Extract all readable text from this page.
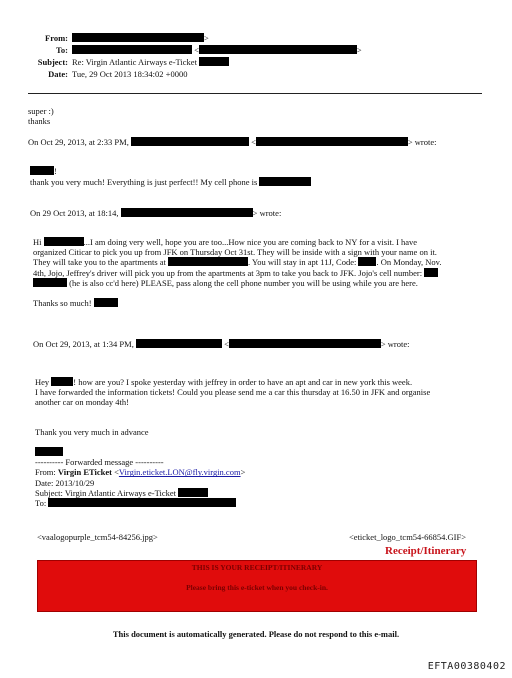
From:	>
To:	<	>
Subject: Re: Virgin Atlantic Airways e-Ticket
Date: Tue, 29 Oct 2013 18:34:02 +0000
super :)
thanks
On Oct 29, 2013, at 2:33 PM,	<	> wrote:
!
thank you very much! Everything is just perfect!! My cell phone is
On 29 Oct 2013, at 18:14,	> wrote:
Hi	...I am doing very well, hope you are too...How nice you are coming back to NY for a visit. I have
organized Citicar to pick you up from JFK on Thursday Oct 31st. They will be inside with a sign with your name on it.
They will take you to the apartments at	. You will stay in apt 11J, Code: . On Monday, Nov.
4th, Jojo, Jeffrey's driver will pick you up from the apartments at 3pm to take you back to JFK. Jojo's cell number:
(he is also cc'd here) PLEASE, pass along the cell phone number you will be using while you are here.
Thanks so much!
On Oct 29, 2013, at 1:34 PM,	<	> wrote:
Hey	! how are you? I spoke yesterday with jeffrey in order to have an apt and car in new york this week.
I have forwarded the information tickets! Could you please send me a car this thursday at 16.50 in JFK and organise
another car on monday 4th!
Thank you very much in advance
---------- Forwarded message ----------
From: Virgin ETicket <Virgin.eticket.LON@fly.virgin.com>
Date: 2013/10/29
Subject: Virgin Atlantic Airways e-Ticket
To:
<vaalogopurple_tcm54-84256.jpg>	<eticket_logo_tcm54-66854.GIF>
Receipt/Itinerary
THIS IS YOUR RECEIPT/ITINERARY
Please bring this e-ticket when you check-in.
This document is automatically generated. Please do not respond to this e-mail.
EFTA00380402
